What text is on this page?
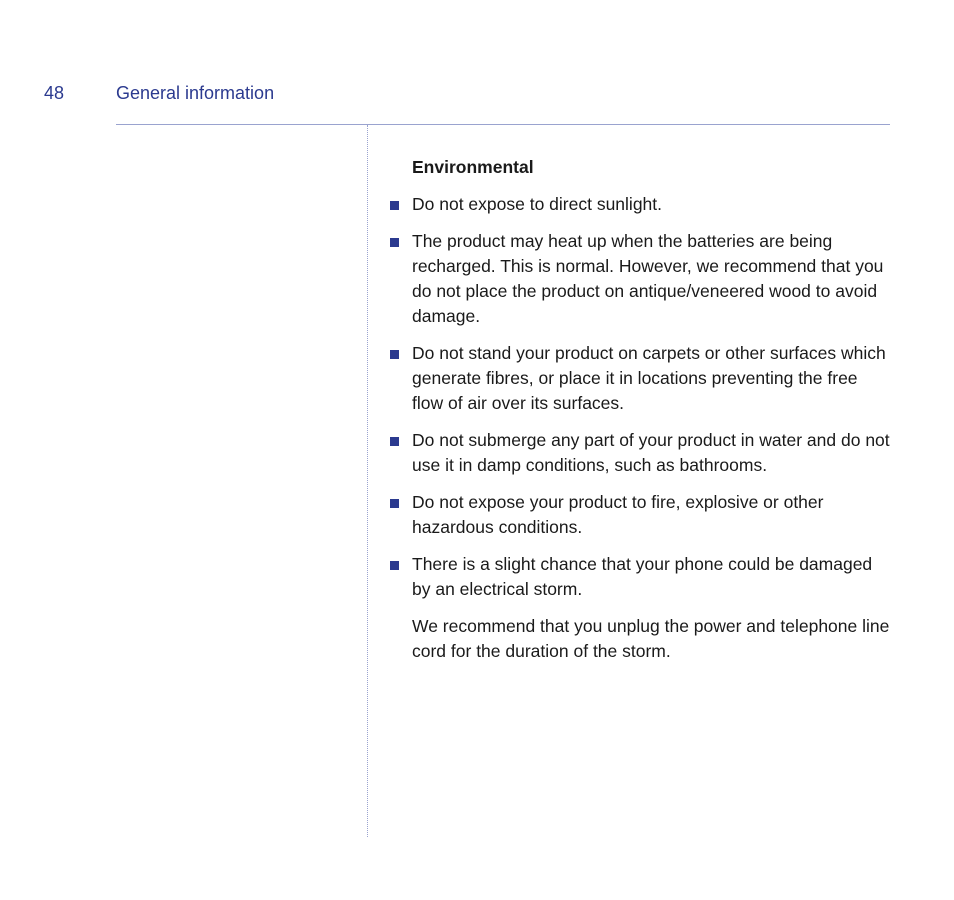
48	General information
Environmental
Do not expose to direct sunlight.
The product may heat up when the batteries are being recharged. This is normal. However, we recommend that you do not place the product on antique/veneered wood to avoid damage.
Do not stand your product on carpets or other surfaces which generate fibres, or place it in locations preventing the free flow of air over its surfaces.
Do not submerge any part of your product in water and do not use it in damp conditions, such as bathrooms.
Do not expose your product to fire, explosive or other hazardous conditions.
There is a slight chance that your phone could be damaged by an electrical storm.

We recommend that you unplug the power and telephone line cord for the duration of the storm.
